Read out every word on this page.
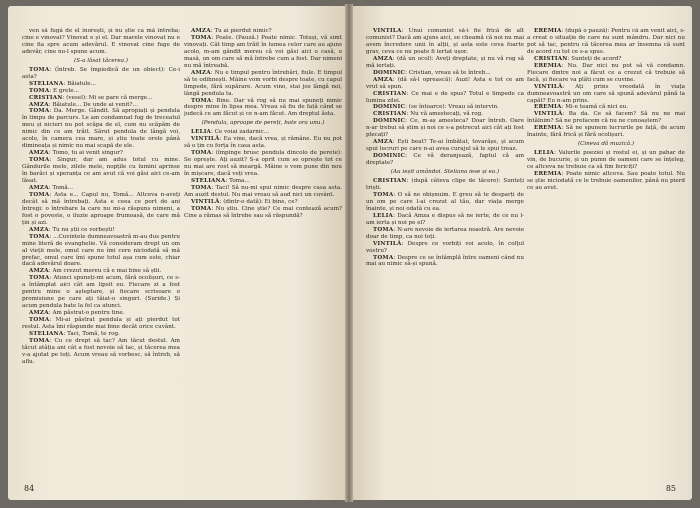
ven să fugă de el inorești, și nu știe ca mă întreba; cine e vinovat? Vinovat e și el. Dar marele vinovat nu e cine fia spre acum adevărul. E vinovat cine fuge de adevăr, cine nu-l spune acum.

(S-a lăsat tăcerea.)

TOMA: (întreb. Se împiedică de un obiect): Ce-i asta?

STELIANA: Băiatule...

TOMA: E grele...

CRISTIAN: (vesel): Mi se pare că merge...

AMZA: Băiatule... De unde ai venit?...

TOMA: Da. Merge. Gândit. Să apropiați și pendula în timpu de parcurs. Le am condamnat fug de treceatul meu și nicieri nu pot scăpa de el, cum nu scăpăm de nimic din ce am trăit. Sărut pendula de lângă voi, acolo, în camera cea mare, și știu toate orele până dimineața și nimic nu mai scapă de ele.

AMZA: Tomo, tu ai venit singur?

TOMA: Singur, dar am adus totul cu mine. Gândurile mele, zilele mele, nopțile cu lumini aprinse în barăci și speranța ce am avut că voi găsi aici ce-am lăsat.

AMZA: Tomă...

TOMA: Asta e... Capul nu, Tomă... Altceva n-aveți decât să mă întrebați. Asta e ceea ce port de ani întregi: o întrebare la care nu mi-a răspuns nimeni, a fost o poveste, o iluzie aproape frumoasă, de care mă țin și azi.

AMZA: Tu nu știi ce vorbești!

TOMA: ...Cuvintele dumneavoastră m-au dus pentru mine literă de evanghelie. Vă consideram drept un om al vieții mele, omul care nu îmi cere niciodată să mă prefac, omul care îmi spune totul așa cum este, chiar dacă adevărul doare.

AMZA: Am crezut mereu că e mai bine să știi.

TOMA: Atunci spuneți-mi acum, fără ocolișuri, ce s-a întâmplat aici cât am lipsit eu. Fiecare zi a fost pentru mine o așteptare, și fiecare scrisoare o promisiune pe care ați tăiat-o singuri. (Suride.) Și acum pendula bate la fel ca atunci.

AMZA: Am păstrat-o pentru tine.

TOMA: Mi-ai păstrat pendula și ați pierdut tot restul. Asta îmi răspunde mai bine decât orice cuvânt.

STELIANA: Taci, Tomă, te rog.

TOMA: Cu ce drept să tac? Am tăcut destul. Am tăcut atâția ani cât a fost nevoie să tac, și tăcerea mea v-a ajutat pe toți. Acum vreau să vorbesc, să întreb, să aflu.

AMZA: Tu ai pierdut nimic?

TOMA: Poate. (Pauză.) Poate nimic. Totuși, vă simt vinovați. Cât timp am trăit în lumea celor care au ajuns acolo, m-am gândit mereu că voi găsi aici o casă, o masă, un om care să mă întrebe cum a fost. Dar nimeni nu mă întreabă.

AMZA: Nu e timpul pentru întrebări, fiule. E timpul să te odihnești. Mâine vom vorbi despre toate, cu capul limpede, fără supărare. Acum vino, stai jos lângă noi, lângă pendula ta.

TOMA: Bine. Dar vă rog să nu mai spuneți nimic despre mine în lipsa mea. Vreau să fiu de față când se judecă ce am făcut și ce n-am făcut. Am dreptul ăsta.

(Pendula, aproape de pereți, bate ora unu.)

LELIA: Ce voiai zadarnic...

VINTILĂ: Ea vine, dacă vrea, și rămâne. Eu nu pot să o țin cu forța în casa asta.

TOMA: (împinge brusc pendula dincolo de perete): Se oprește. Ați auzit? S-a oprit cum se oprește tot ce nu mai are rost să meargă. Mâine o vom pune din nou în mișcare, dacă veți vrea.

STELIANA: Toma...

TOMA: Taci! Să nu-mi spui nimic despre casa asta. Am auzit destul. Nu mai vreau să aud nici un cuvânt.

VINTILĂ: (dintr-o dată): Ei bine, ce?

TOMA: Nu știu. Cine știe? Ce mai contează acum? Cine a rămas să întrebe sau să răspundă?

84

VINTILĂ: Unui comunist să-i fie frică de alt comunist? Dacă am ajuns aici, se cheamă că noi nu mai avem încredere unii în alții, și asta este ceva foarte grav, ceva ce nu poate fi iertat ușor.

AMZA: (dă un ocol): Aveți dreptate, și nu vă rog să mă iertați.

DOMINIC: Cristian, vreau să te întreb...

AMZA: (dă să-l oprească): Auzi! Asta e tot ce am vrut să spun.

CRISTIAN: Ce mai e de spus? Totul e limpede ca lumina zilei.

DOMINIC: (se întoarce): Vreau să intervin.

CRISTIAN: Nu vă amestecați, vă rog.

DOMINIC: Ce, m-aș amesteca? Doar întreb. Oare n-ar trebui să știm și noi ce s-a petrecut aici cât ați fost plecați?

AMZA: Ești beat? Te-ai îmbătat, tovarășe, și acum spui lucruri pe care n-ai avea curajul să le spui treaz.

DOMINIC: Ce vă deranjează, faptul că am dreptate?

(Au ieșit amândoi. Steliana iese și ea.)

CRISTIAN: (după câteva clipe de tăcere): Sunteți triști.

TOMA: O să ne obișnuim. E greu să te desparți de un om pe care l-ai crezut al tău, dar viața merge înainte, și noi odată cu ea.

LELIA: Dacă Amza e dispus să ne ierte, de ce nu l-am ierta și noi pe el?

TOMA: N-are nevoie de iertarea noastră. Are nevoie doar de timp, ca noi toți.

VINTILĂ: Despre ce vorbiți voi acolo, în colțul vostru?

TOMA: Despre ce se întâmplă între oameni când nu mai au nimic să-și spună.

EREMIA: (după o pauză): Pentru că am venit aici, s-a creat o situație de care nu sunt mândru. Dar nici nu pot să tac, pentru că tăcerea mea ar însemna că sunt de acord cu tot ce s-a spus.

CRISTIAN: Sunteți de acord?

EREMIA: Nu. Dar nici nu pot să vă condamn. Fiecare dintre noi a făcut ce a crezut că trebuie să facă, și fiecare va plăti cum se cuvine.

VINTILĂ: Ați prins vreodată în viața dumneavoastră un om care să spună adevărul până la capăt? Eu n-am prins.

EREMIA: Mi-e teamă că nici eu.

VINTILĂ: Ba da. Ce să facem? Să nu ne mai întâlnim? Să ne prefacem că nu ne cunoaștem?

EREMIA: Să ne spunem lucrurile pe față, de acum înainte, fără frică și fără ocolișuri.

(Cineva dă muzică.)

LELIA: Valurile poeziei și rostul ei, și un pahar de vin, de bucurie, și un pumn de oameni care se înțeleg, ce altceva ne trebuie ca să fim fericiți?

EREMIA: Poate nimic altceva. Sau poate totul. Nu se știe niciodată ce le trebuie oamenilor, până nu pierd ce au avut.

85
